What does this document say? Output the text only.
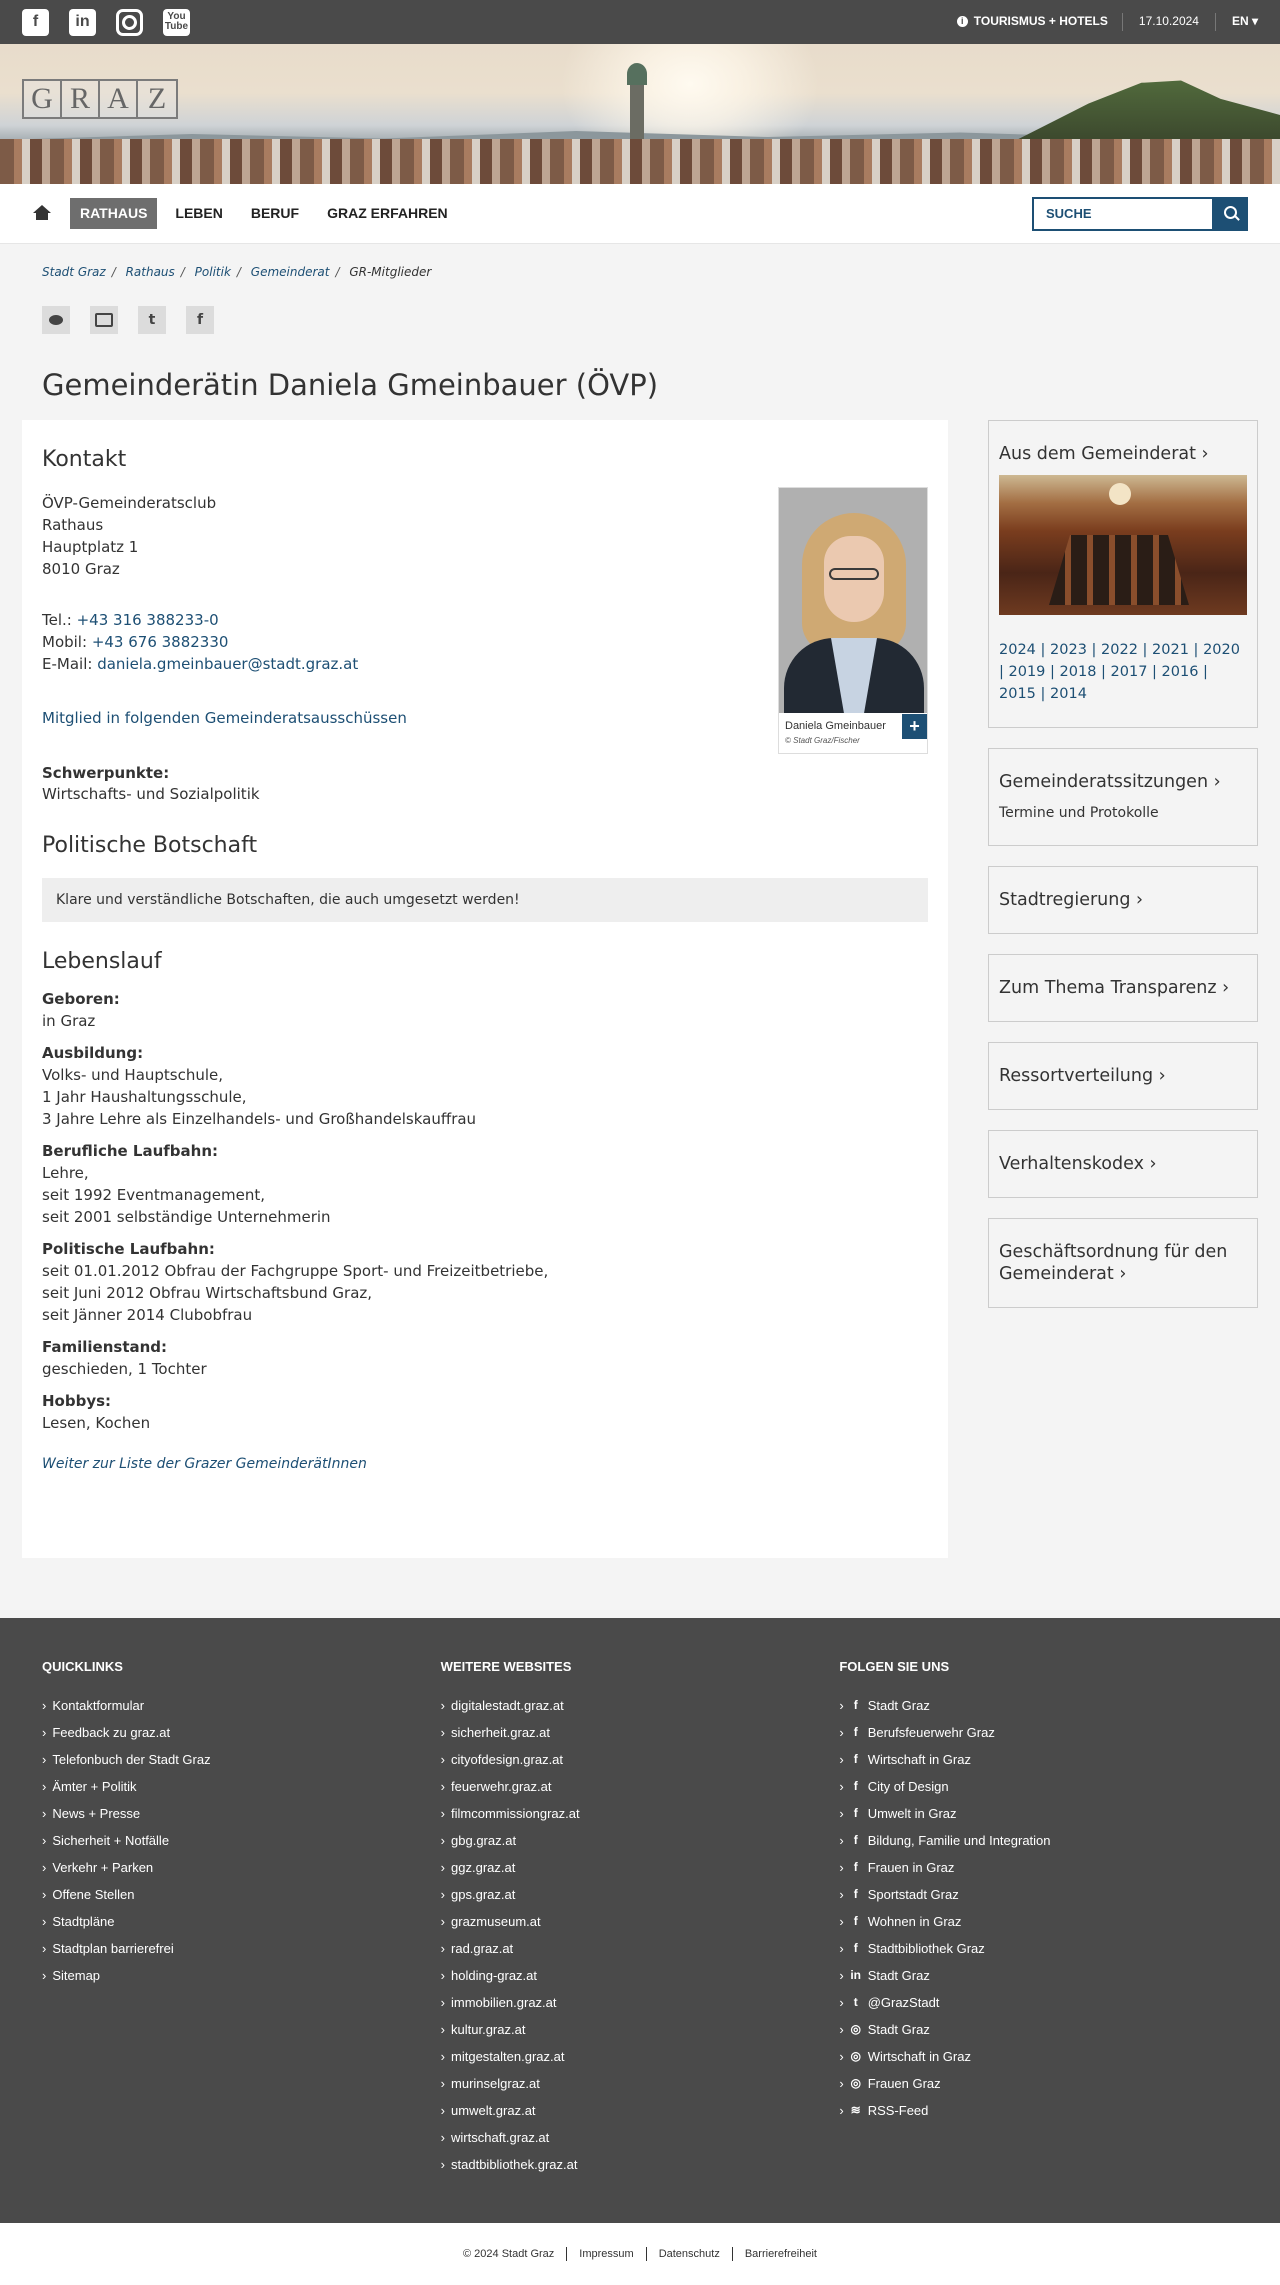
f	in	You
Tube	i TOURISMUS + HOTELS	17.10.2024	EN ▾
G R A Z
RATHAUS	LEBEN	BERUF	GRAZ ERFAHREN
SUCHE
Stadt Graz / Rathaus / Politik / Gemeinderat / GR-Mitglieder
t	f
Gemeinderätin Daniela Gmeinbauer (ÖVP)
Kontakt
ÖVP-Gemeinderatsclub
Rathaus
Hauptplatz 1
8010 Graz
Daniela Gmeinbauer
© Stadt Graz/Fischer
+
Tel.: +43 316 388233-0
Mobil: +43 676 3882330
E-Mail: daniela.gmeinbauer@stadt.graz.at
Mitglied in folgenden Gemeinderatsausschüssen
Schwerpunkte:
Wirtschafts- und Sozialpolitik
Politische Botschaft
Klare und verständliche Botschaften, die auch umgesetzt werden!
Lebenslauf
Geboren:
in Graz
Ausbildung:
Volks- und Hauptschule,
1 Jahr Haushaltungsschule,
3 Jahre Lehre als Einzelhandels- und Großhandelskauffrau
Berufliche Laufbahn:
Lehre,
seit 1992 Eventmanagement,
seit 2001 selbständige Unternehmerin
Politische Laufbahn:
seit 01.01.2012 Obfrau der Fachgruppe Sport- und Freizeitbetriebe,
seit Juni 2012 Obfrau Wirtschaftsbund Graz,
seit Jänner 2014 Clubobfrau
Familienstand:
geschieden, 1 Tochter
Hobbys:
Lesen, Kochen
Weiter zur Liste der Grazer GemeinderätInnen
Aus dem Gemeinderat ›
2024 | 2023 | 2022 | 2021 | 2020 | 2019 | 2018 | 2017 | 2016 | 2015 | 2014
Gemeinderatssitzungen ›
Termine und Protokolle
Stadtregierung ›
Zum Thema Transparenz ›
Ressortverteilung ›
Verhaltenskodex ›
Geschäftsordnung für den Gemeinderat ›
QUICKLINKS
› Kontaktformular
› Feedback zu graz.at
› Telefonbuch der Stadt Graz
› Ämter + Politik
› News + Presse
› Sicherheit + Notfälle
› Verkehr + Parken
› Offene Stellen
› Stadtpläne
› Stadtplan barrierefrei
› Sitemap
WEITERE WEBSITES
› digitalestadt.graz.at
› sicherheit.graz.at
› cityofdesign.graz.at
› feuerwehr.graz.at
› filmcommissiongraz.at
› gbg.graz.at
› ggz.graz.at
› gps.graz.at
› grazmuseum.at
› rad.graz.at
› holding-graz.at
› immobilien.graz.at
› kultur.graz.at
› mitgestalten.graz.at
› murinselgraz.at
› umwelt.graz.at
› wirtschaft.graz.at
› stadtbibliothek.graz.at
FOLGEN SIE UNS
› f Stadt Graz
› f Berufsfeuerwehr Graz
› f Wirtschaft in Graz
› f City of Design
› f Umwelt in Graz
› f Bildung, Familie und Integration
› f Frauen in Graz
› f Sportstadt Graz
› f Wohnen in Graz
› f Stadtbibliothek Graz
› in Stadt Graz
› t @GrazStadt
› ◎ Stadt Graz
› ◎ Wirtschaft in Graz
› ◎ Frauen Graz
› ≋ RSS-Feed
© 2024 Stadt Graz	Impressum	Datenschutz	Barrierefreiheit
